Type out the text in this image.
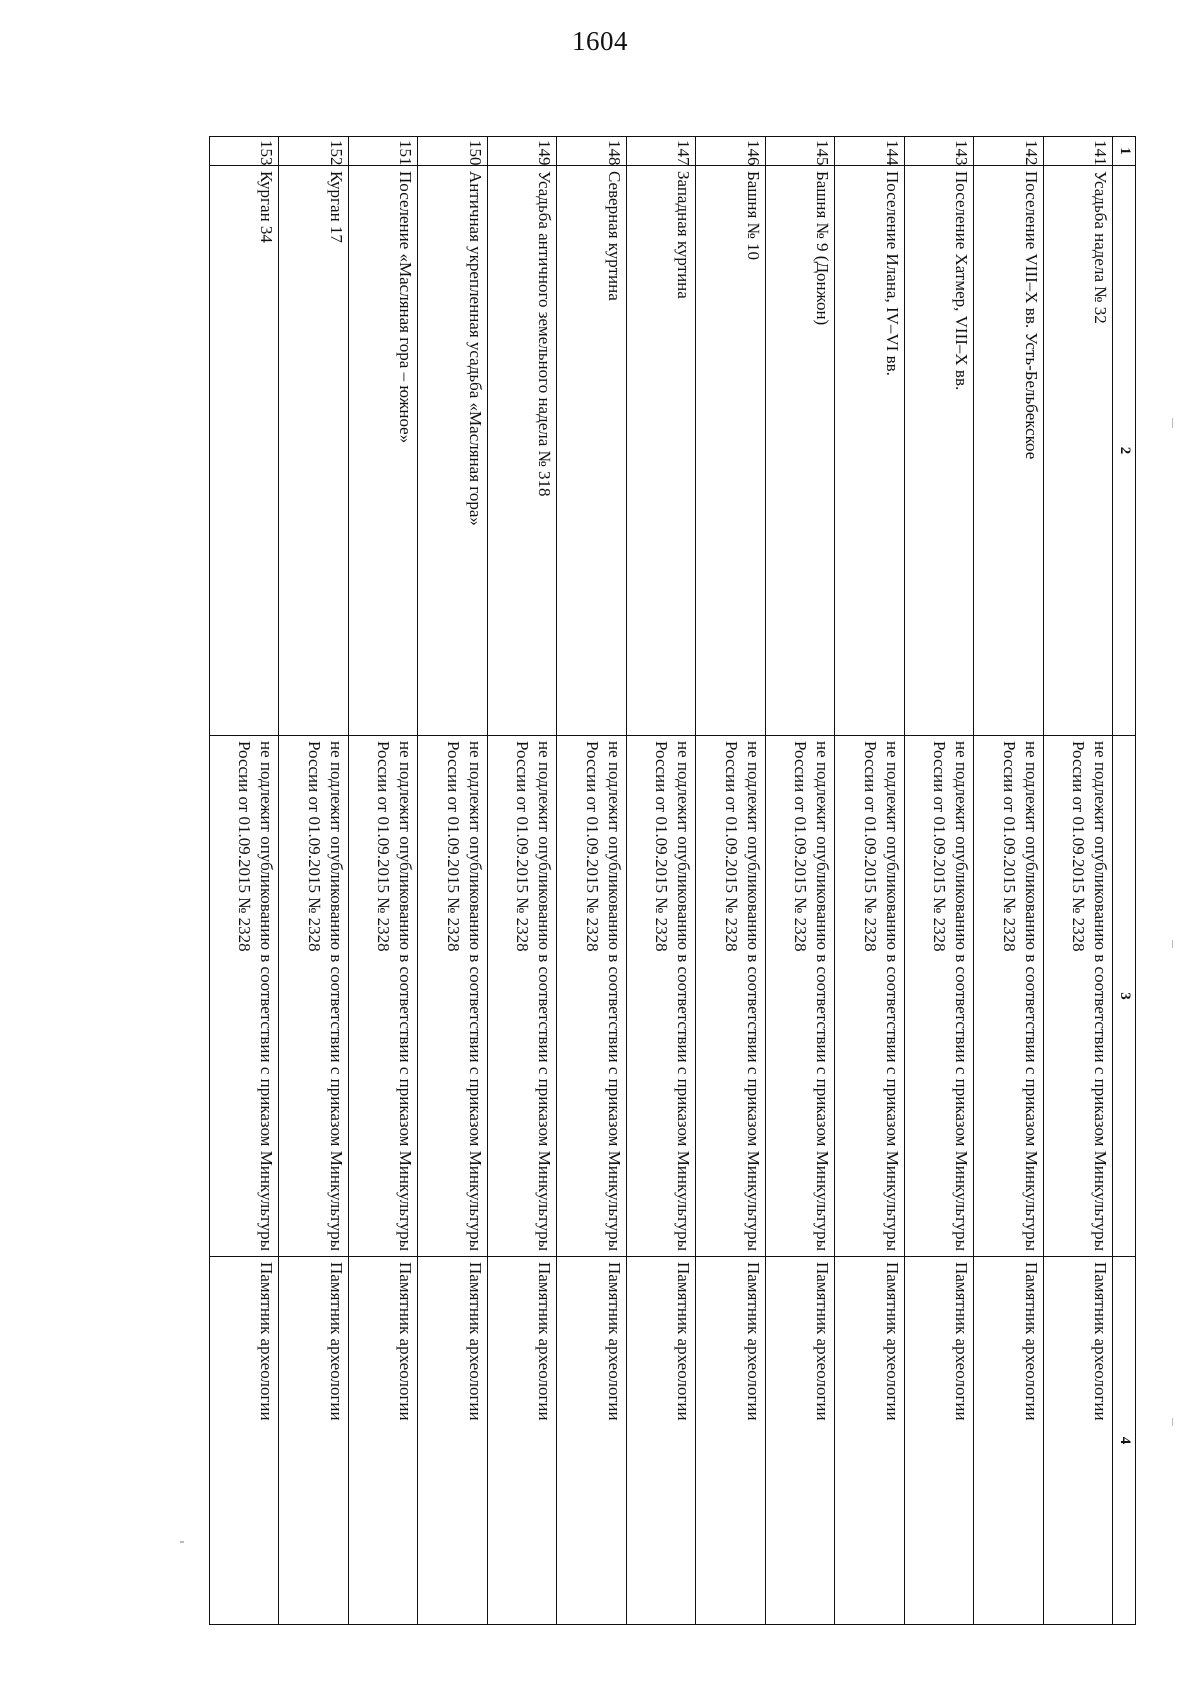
1604
1
2
3
4
141
Усадьба надела № 32
не подлежит опубликованию в соответствии с приказом Минкультуры России от 01.09.2015 № 2328
Памятник археологии
142
Поселение VIII–X вв. Усть-Бельбекское
не подлежит опубликованию в соответствии с приказом Минкультуры России от 01.09.2015 № 2328
Памятник археологии
143
Поселение Хатмер, VIII–X вв.
не подлежит опубликованию в соответствии с приказом Минкультуры России от 01.09.2015 № 2328
Памятник археологии
144
Поселение Илана, IV–VI вв.
не подлежит опубликованию в соответствии с приказом Минкультуры России от 01.09.2015 № 2328
Памятник археологии
145
Башня № 9 (Донжон)
не подлежит опубликованию в соответствии с приказом Минкультуры России от 01.09.2015 № 2328
Памятник археологии
146
Башня № 10
не подлежит опубликованию в соответствии с приказом Минкультуры России от 01.09.2015 № 2328
Памятник археологии
147
Западная куртина
не подлежит опубликованию в соответствии с приказом Минкультуры России от 01.09.2015 № 2328
Памятник археологии
148
Северная куртина
не подлежит опубликованию в соответствии с приказом Минкультуры России от 01.09.2015 № 2328
Памятник археологии
149
Усадьба античного земельного надела № 318
не подлежит опубликованию в соответствии с приказом Минкультуры России от 01.09.2015 № 2328
Памятник археологии
150
Античная укрепленная усадьба «Масляная гора»
не подлежит опубликованию в соответствии с приказом Минкультуры России от 01.09.2015 № 2328
Памятник археологии
151
Поселение «Масляная гора – южное»
не подлежит опубликованию в соответствии с приказом Минкультуры России от 01.09.2015 № 2328
Памятник археологии
152
Курган 17
не подлежит опубликованию в соответствии с приказом Минкультуры России от 01.09.2015 № 2328
Памятник археологии
153
Курган 34
не подлежит опубликованию в соответствии с приказом Минкультуры России от 01.09.2015 № 2328
Памятник археологии
